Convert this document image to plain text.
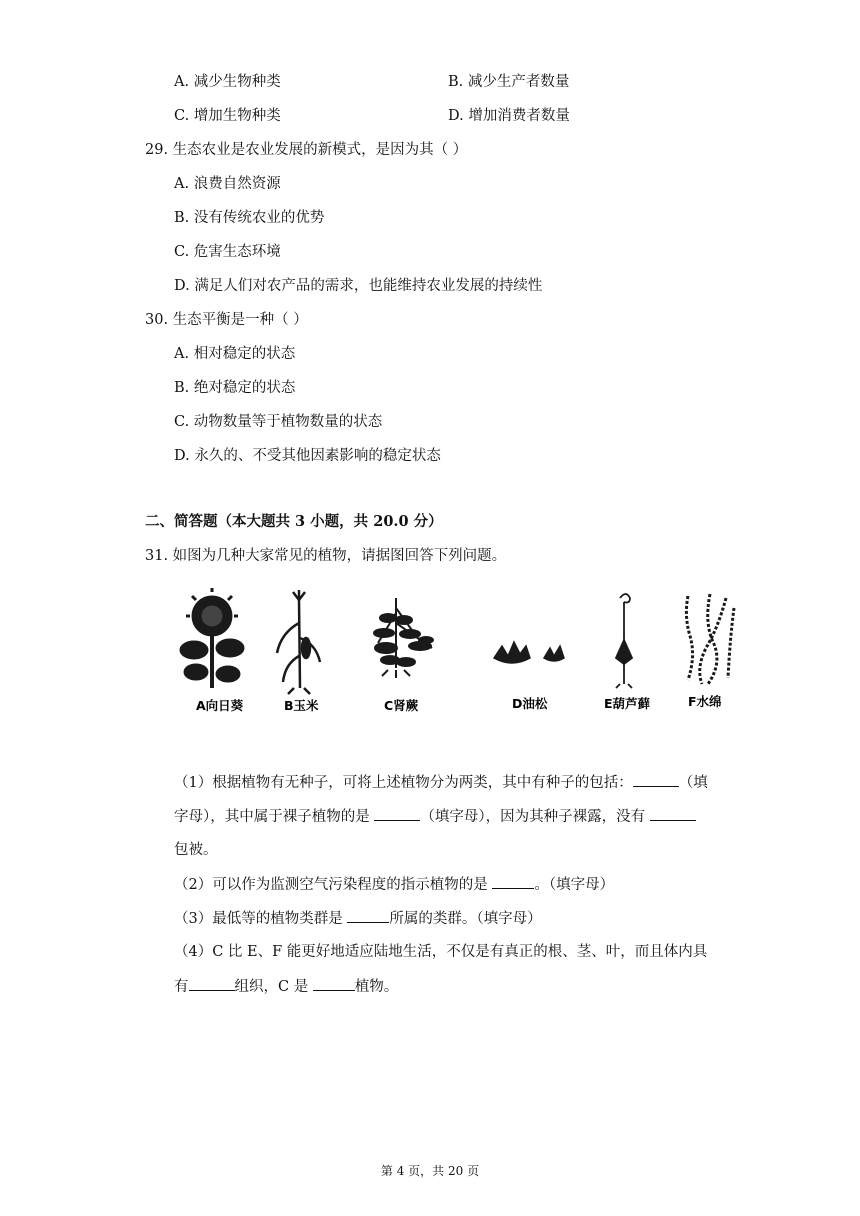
A. 减少生物种类	B. 减少生产者数量
C. 增加生物种类	D. 增加消费者数量
29. 生态农业是农业发展的新模式，是因为其（ ）
A. 浪费自然资源
B. 没有传统农业的优势
C. 危害生态环境
D. 满足人们对农产品的需求，也能维持农业发展的持续性
30. 生态平衡是一种（ ）
A. 相对稳定的状态
B. 绝对稳定的状态
C. 动物数量等于植物数量的状态
D. 永久的、不受其他因素影响的稳定状态
二、简答题（本大题共 3 小题，共 20.0 分）
31. 如图为几种大家常见的植物，请据图回答下列问题。
A向日葵	B玉米	C肾蕨	D油松	E葫芦藓	F水绵
（1）根据植物有无种子，可将上述植物分为两类，其中有种子的包括：	（填
字母），其中属于裸子植物的是	（填字母），因为其种子裸露，没有
包被。
（2）可以作为监测空气污染程度的指示植物的是	。（填字母）
（3）最低等的植物类群是	所属的类群。（填字母）
（4）C 比 E、F 能更好地适应陆地生活，不仅是有真正的根、茎、叶，而且体内具
有	组织，C 是	植物。
第 4 页，共 20 页
